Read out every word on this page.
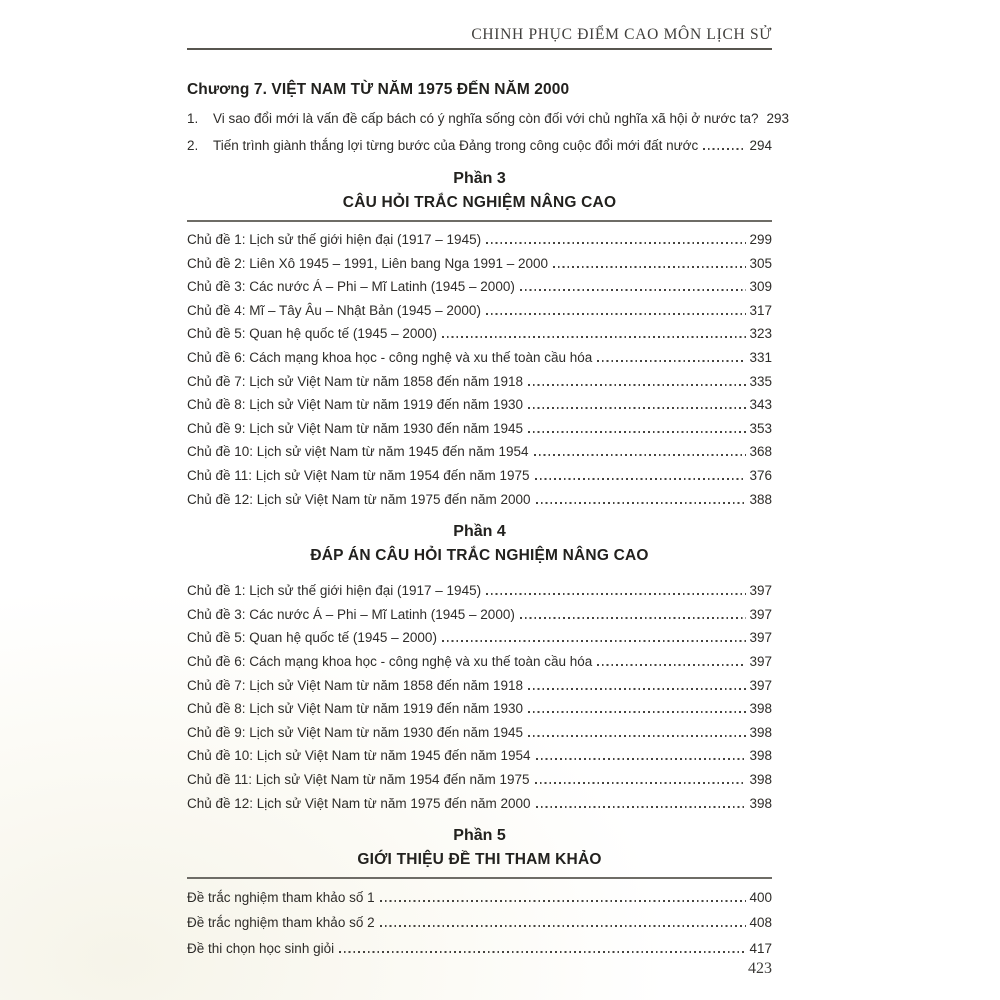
CHINH PHỤC ĐIỂM CAO MÔN LỊCH SỬ
Chương 7. VIỆT NAM TỪ NĂM 1975 ĐẾN NĂM 2000
1.	Vi sao đổi mới là vấn đề cấp bách có ý nghĩa sống còn đối với chủ nghĩa xã hội ở nước ta? 293
2.	Tiến trình giành thắng lợi từng bước của Đảng trong công cuộc đổi mới đất nước	294
Phần 3
CÂU HỎI TRẮC NGHIỆM NÂNG CAO
Chủ đề 1: Lịch sử thế giới hiện đại (1917 – 1945)	299
Chủ đề 2: Liên Xô 1945 – 1991, Liên bang Nga 1991 – 2000	305
Chủ đề 3: Các nước Á – Phi – Mĩ Latinh (1945 – 2000)	309
Chủ đề 4: Mĩ – Tây Âu – Nhật Bản (1945 – 2000)	317
Chủ đề 5: Quan hệ quốc tế (1945 – 2000)	323
Chủ đề 6: Cách mạng khoa học - công nghệ và xu thế toàn cầu hóa	331
Chủ đề 7: Lịch sử Việt Nam từ năm 1858 đến năm 1918	335
Chủ đề 8: Lịch sử Việt Nam từ năm 1919 đến năm 1930	343
Chủ đề 9: Lịch sử Việt Nam từ năm 1930 đến năm 1945	353
Chủ đề 10: Lịch sử việt Nam từ năm 1945 đến năm 1954	368
Chủ đề 11: Lịch sử Việt Nam từ năm 1954 đến năm 1975	376
Chủ đề 12: Lịch sử Việt Nam từ năm 1975 đến năm 2000	388
Phần 4
ĐÁP ÁN CÂU HỎI TRẮC NGHIỆM NÂNG CAO
Chủ đề 1: Lịch sử thế giới hiện đại (1917 – 1945)	397
Chủ đề 3: Các nước Á – Phi – Mĩ Latinh (1945 – 2000)	397
Chủ đề 5: Quan hệ quốc tế (1945 – 2000)	397
Chủ đề 6: Cách mạng khoa học - công nghệ và xu thế toàn cầu hóa	397
Chủ đề 7: Lịch sử Việt Nam từ năm 1858 đến năm 1918	397
Chủ đề 8: Lịch sử Việt Nam từ năm 1919 đến năm 1930	398
Chủ đề 9: Lịch sử Việt Nam từ năm 1930 đến năm 1945	398
Chủ đề 10: Lịch sử Việt Nam từ năm 1945 đến năm 1954	398
Chủ đề 11: Lịch sử Việt Nam từ năm 1954 đến năm 1975	398
Chủ đề 12: Lịch sử Việt Nam từ năm 1975 đến năm 2000	398
Phần 5
GIỚI THIỆU ĐỀ THI THAM KHẢO
Đề trắc nghiệm tham khảo số 1	400
Đề trắc nghiệm tham khảo số 2	408
Đề thi chọn học sinh giỏi	417
423
